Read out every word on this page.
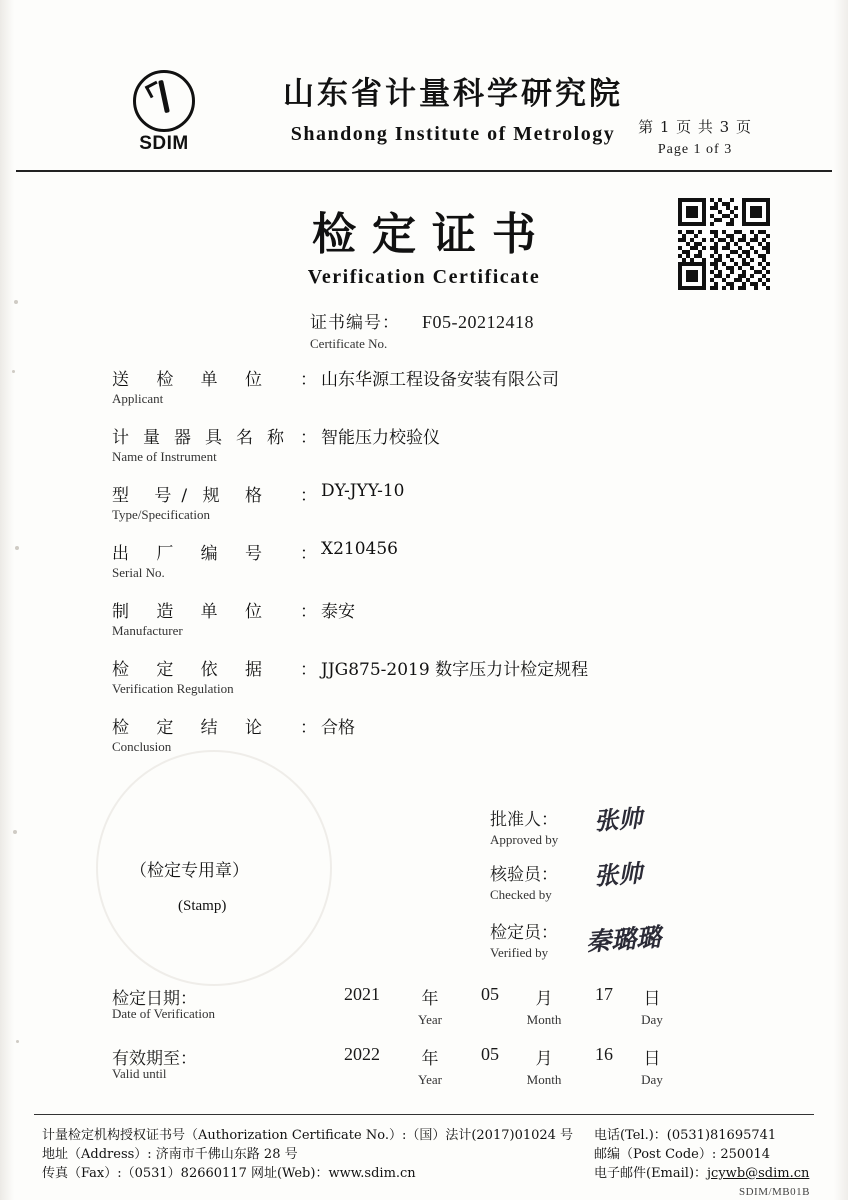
SDIM
山东省计量科学研究院
Shandong Institute of Metrology	第 1 页 共 3 页
Page 1 of 3
检定证书
Verification Certificate
证书编号： F05-20212418
Certificate No.
送 检 单 位 Applicant： 山东华源工程设备安装有限公司
计 量 器 具 名 称 Name of Instrument： 智能压力校验仪
型 号/ 规 格 Type/Specification： DY-JYY-10
出 厂 编 号 Serial No.： X210456
制 造 单 位 Manufacturer： 泰安
检 定 依 据 Verification Regulation： JJG875-2019 数字压力计检定规程
检 定 结 论 Conclusion： 合格
（检定专用章）
(Stamp)
批准人：
Approved by
张帅
核验员：
Checked by
张帅
检定员：
Verified by	秦璐璐
检定日期：
Date of Verification
2021	年
Year
05	月
Month
17	日
Day
有效期至：
Valid until
2022	年
Year
05	月
Month
16	日
Day
计量检定机构授权证书号（Authorization Certificate No.）:（国）法计(2017)01024 号 电话(Tel.)：(0531)81695741
地址（Address）: 济南市千佛山东路 28 号	邮编（Post Code）: 250014
传真（Fax）:（0531）82660117 网址(Web)：www.sdim.cn	电子邮件(Email)：jcywb@sdim.cn
SDIM/MB01B
